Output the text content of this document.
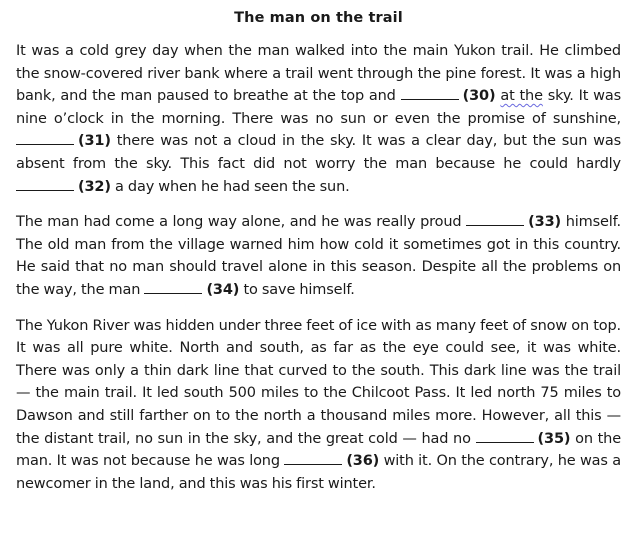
The man on the trail
It was a cold grey day when the man walked into the main Yukon trail. He climbed the snow-covered river bank where a trail went through the pine forest. It was a high bank, and the man paused to breathe at the top and	(30) at the sky. It was nine o’clock in the morning. There was no sun or even the promise of sunshine, (31) there was not a cloud in the sky. It was a clear day, but the sun was absent from the sky. This fact did not worry the man because he could hardly (32) a day when he had seen the sun.
The man had come a long way alone, and he was really proud	(33) himself. The old man from the village warned him how cold it sometimes got in this country. He said that no man should travel alone in this season. Despite all the problems on the way, the man	(34) to save himself.
The Yukon River was hidden under three feet of ice with as many feet of snow on top. It was all pure white. North and south, as far as the eye could see, it was white. There was only a thin dark line that curved to the south. This dark line was the trail — the main trail. It led south 500 miles to the Chilcoot Pass. It led north 75 miles to Dawson and still farther on to the north a thousand miles more. However, all this — the distant trail, no sun in the sky, and the great cold — had no	(35) on the man. It was not because he was long	(36) with it. On the contrary, he was a newcomer in the land, and this was his first winter.
